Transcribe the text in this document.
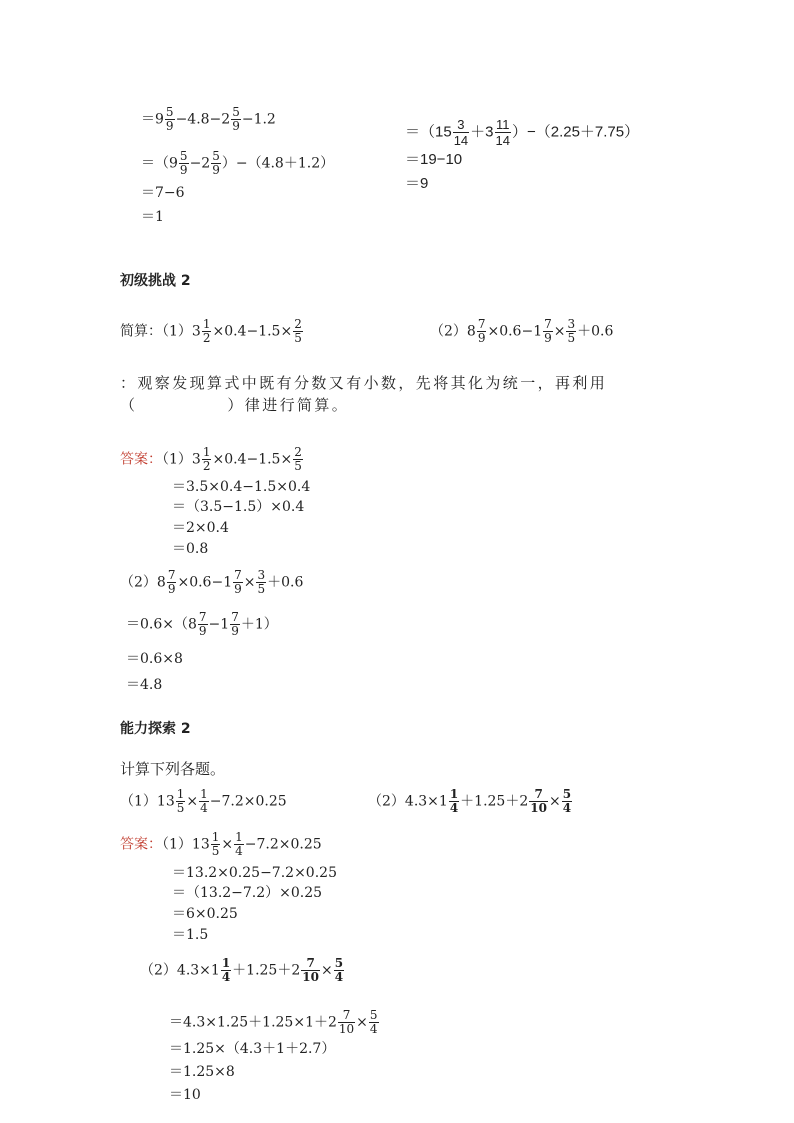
$=9 \frac{5}{9} -4.8-2 \frac{5}{9} -1.2$
$=(9 \frac{5}{9} -2 \frac{5}{9} )-(4.8+1.2)$
＝7−6
＝1
$=(15 \frac{3}{14} +3 \frac{11}{14} )-(2.25+7.75)$
＝19−10
＝9
初级挑战 2
简算：$(1)3 \frac{1}{2} \times 0.4-1.5\times \frac{2}{5}$	$(2)8 \frac{7}{9} \times 0.6-1 \frac{7}{9} \times \frac{3}{5} +0.6$
：观察发现算式中既有分数又有小数，先将其化为统一，再利用
（	）律进行简算。
答案：$(1)3 \frac{1}{2} \times 0.4-1.5\times \frac{2}{5}$
＝3.5×0.4−1.5×0.4
＝（3.5−1.5）×0.4
＝2×0.4
＝0.8
$(2)8 \frac{7}{9} \times 0.6-1 \frac{7}{9} \times \frac{3}{5} +0.6$
$=0.6\times(8 \frac{7}{9} -1 \frac{7}{9} +1)$
＝0.6×8
＝4.8
能力探索 2
计算下列各题。
$(1)13 \frac{1}{5} \times \frac{1}{4} -7.2\times 0.25$	$(2)4.3\times 1 \frac{1}{4} +1.25+2 \frac{7}{10} \times \frac{5}{4}$
答案：$(1)13 \frac{1}{5} \times \frac{1}{4} -7.2\times 0.25$
＝13.2×0.25−7.2×0.25
＝（13.2−7.2）×0.25
＝6×0.25
＝1.5
$(2)4.3\times 1 \frac{1}{4} +1.25+2 \frac{7}{10} \times \frac{5}{4}$
$=4.3\times 1.25+1.25\times 1+2 \frac{7}{10} \times \frac{5}{4}$
＝1.25×（4.3＋1＋2.7）
＝1.25×8
＝10
